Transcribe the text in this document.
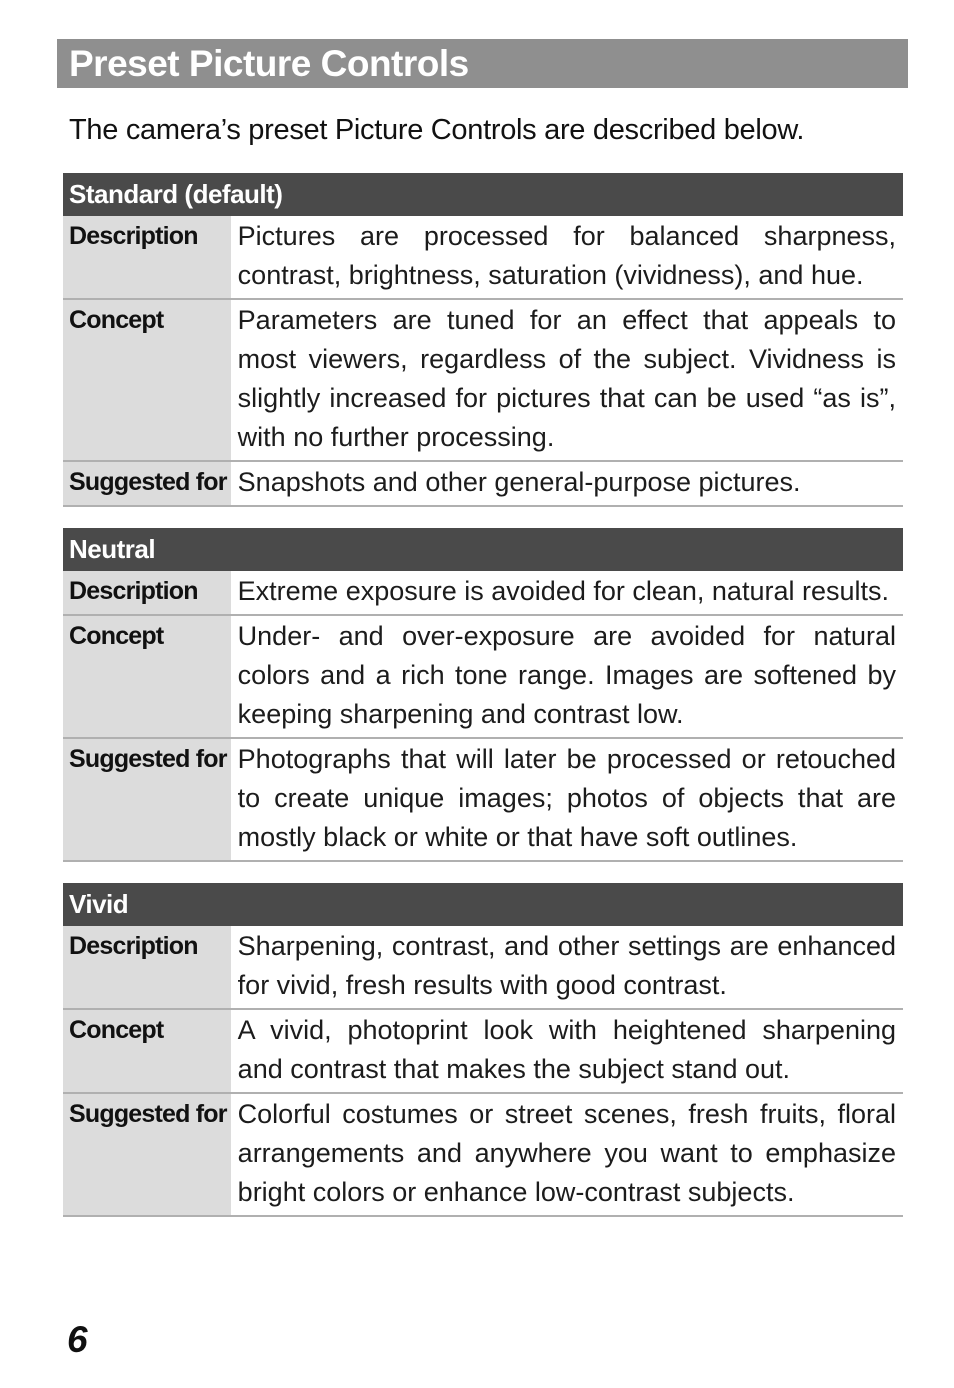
Preset Picture Controls
The camera’s preset Picture Controls are described below.
Standard (default)	
Description	Pictures are processed for balanced sharpness, contrast, brightness, saturation (vividness), and hue.
Concept	Parameters are tuned for an effect that appeals to most viewers, regardless of the subject. Vividness is slightly increased for pictures that can be used “as is”, with no further processing.
Suggested for	Snapshots and other general-purpose pictures.
Neutral	
Description	Extreme exposure is avoided for clean, natural results.
Concept	Under- and over-exposure are avoided for natural colors and a rich tone range. Images are softened by keeping sharpening and contrast low.
Suggested for	Photographs that will later be processed or retouched to create unique images; photos of objects that are mostly black or white or that have soft outlines.
Vivid	
Description	Sharpening, contrast, and other settings are enhanced for vivid, fresh results with good contrast.
Concept	A vivid, photoprint look with heightened sharpening and contrast that makes the subject stand out.
Suggested for	Colorful costumes or street scenes, fresh fruits, floral arrangements and anywhere you want to emphasize bright colors or enhance low-contrast subjects.
6
